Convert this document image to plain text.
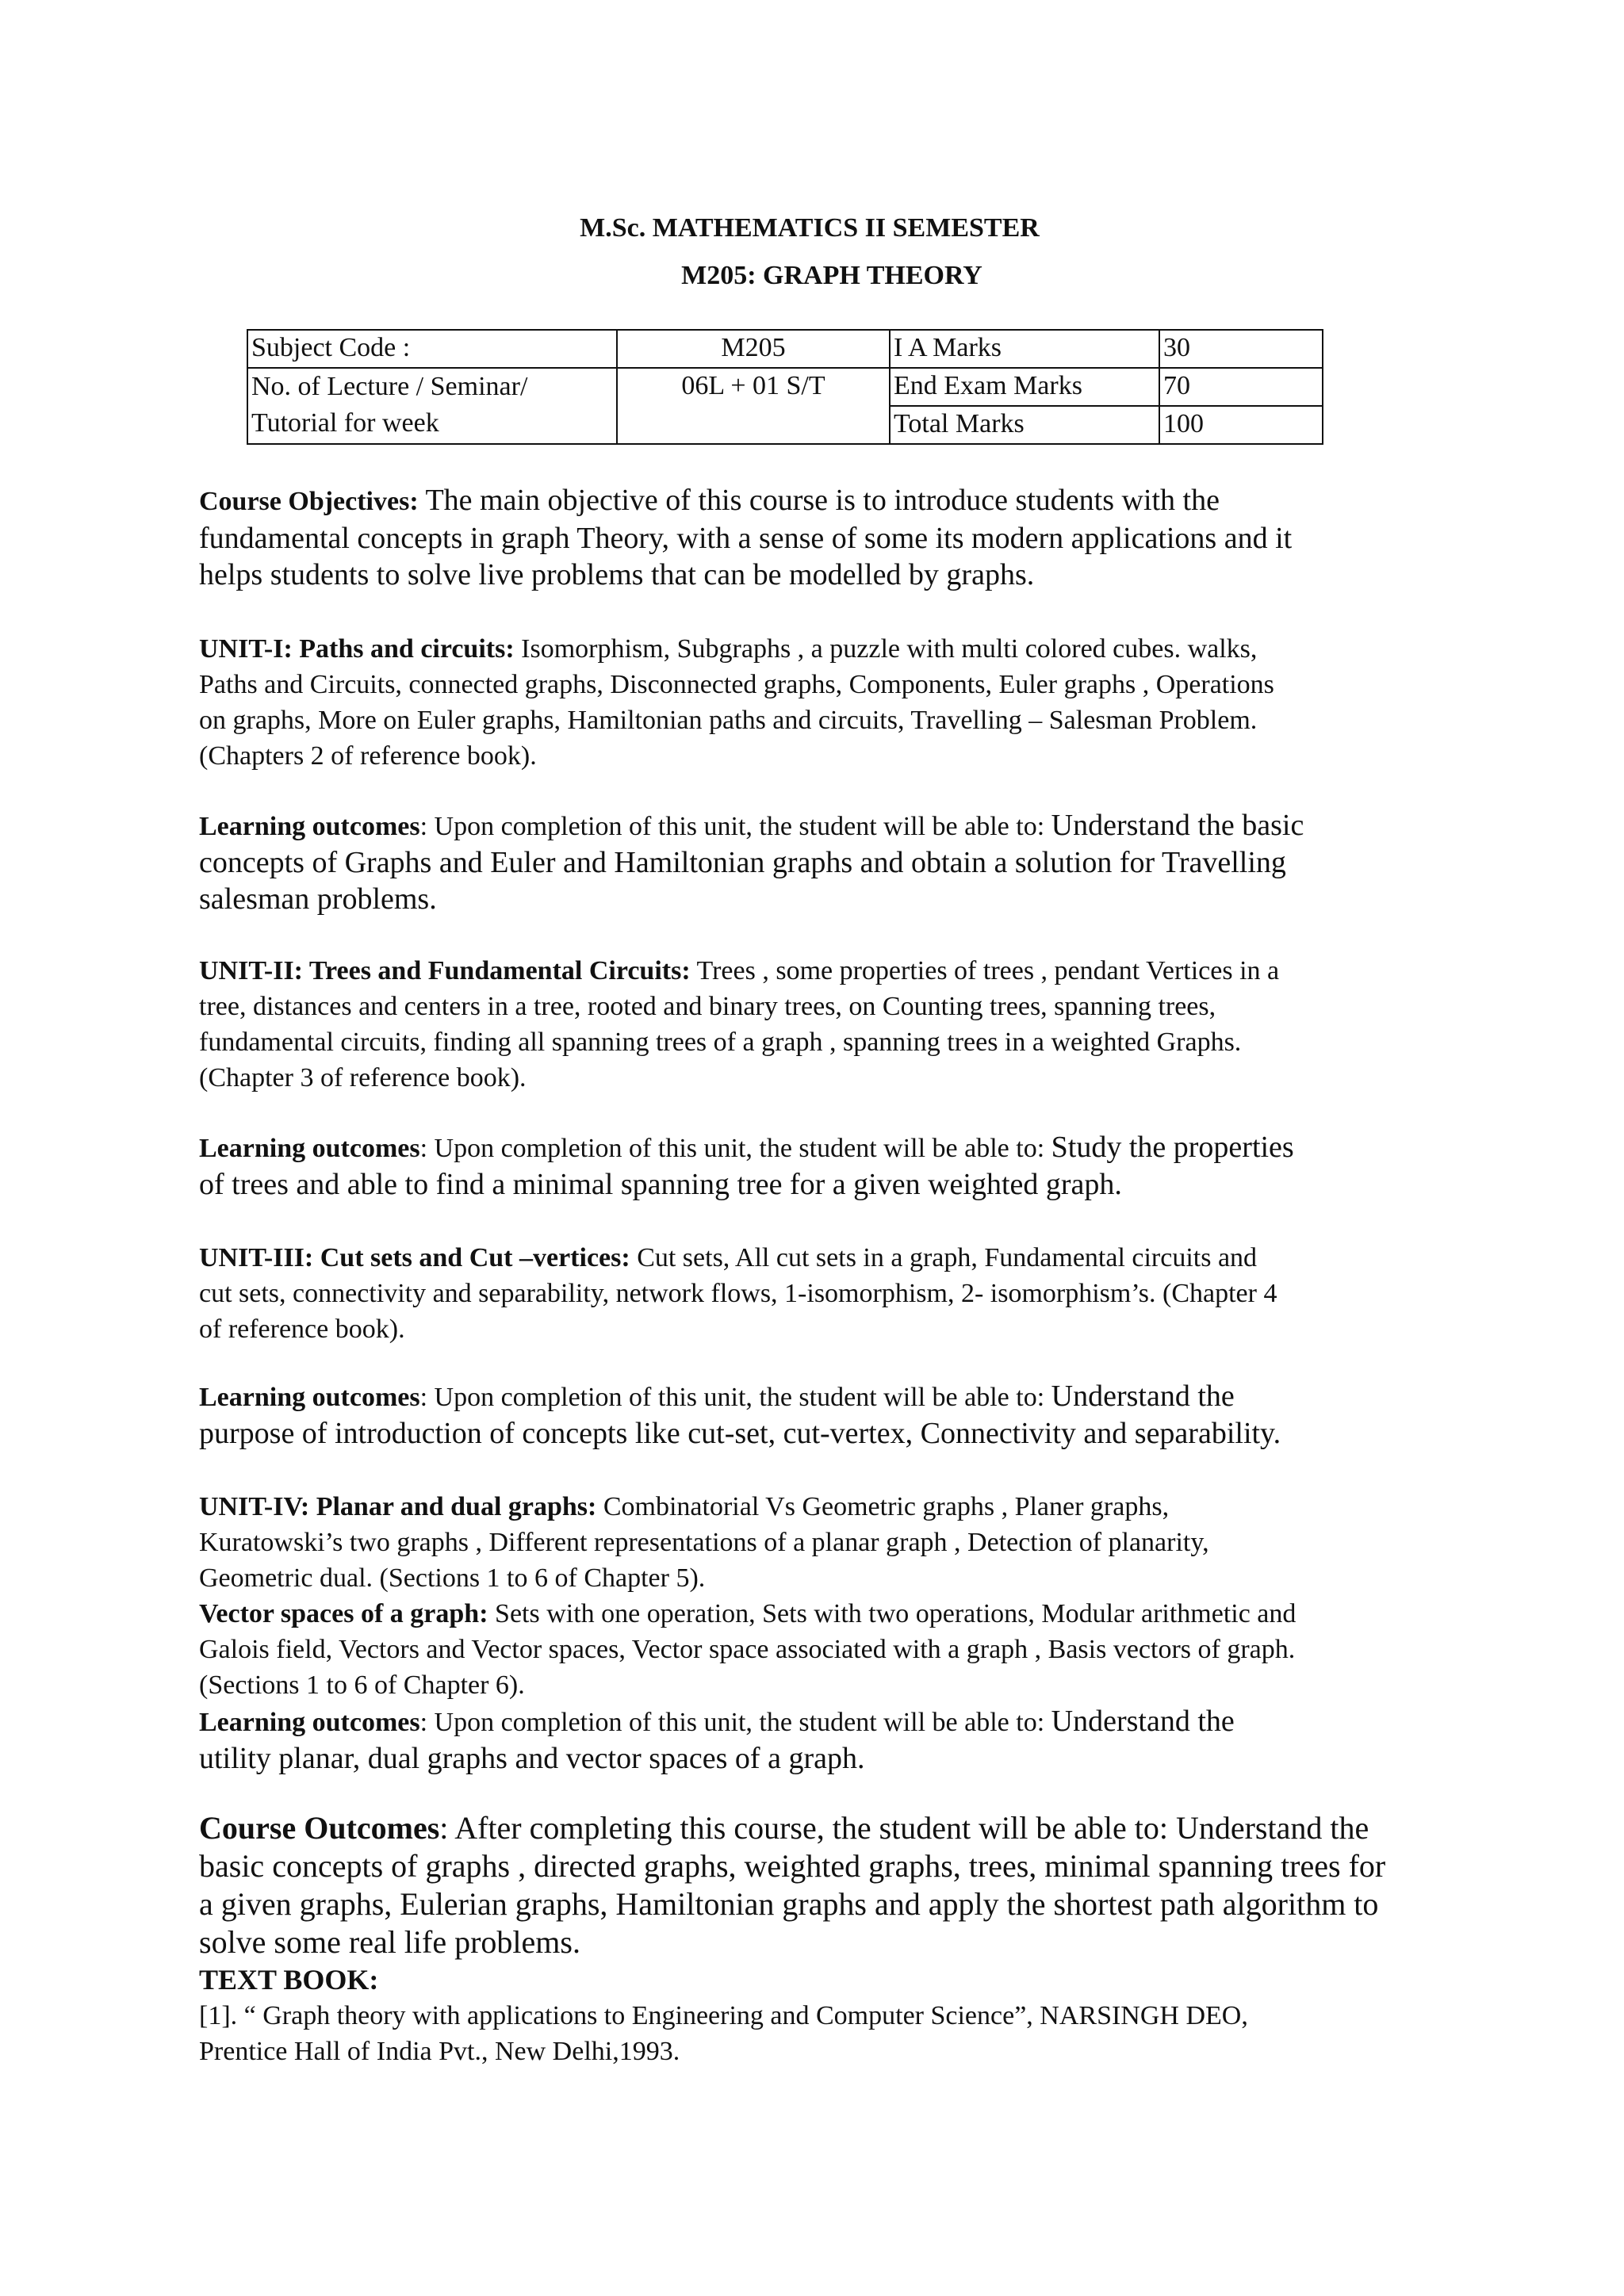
M.Sc. MATHEMATICS II SEMESTER
M205: GRAPH THEORY
Subject Code :	M205	I A Marks	30
No. of Lecture / Seminar/
Tutorial for week	06L + 01 S/T	End Exam Marks	70
		Total Marks	100
Course Objectives: The main objective of this course is to introduce students with the
fundamental concepts in graph Theory, with a sense of some its modern applications and it
helps students to solve live problems that can be modelled by graphs.
UNIT-I: Paths and circuits: Isomorphism, Subgraphs , a puzzle with multi colored cubes. walks,
Paths and Circuits, connected graphs, Disconnected graphs, Components, Euler graphs , Operations
on graphs, More on Euler graphs, Hamiltonian paths and circuits, Travelling – Salesman Problem.
(Chapters 2 of reference book).
Learning outcomes: Upon completion of this unit, the student will be able to: Understand the basic
concepts of Graphs and Euler and Hamiltonian graphs and obtain a solution for Travelling
salesman problems.
UNIT-II: Trees and Fundamental Circuits: Trees , some properties of trees , pendant Vertices in a
tree, distances and centers in a tree, rooted and binary trees, on Counting trees, spanning trees,
fundamental circuits, finding all spanning trees of a graph , spanning trees in a weighted Graphs.
(Chapter 3 of reference book).
Learning outcomes: Upon completion of this unit, the student will be able to: Study the properties
of trees and able to find a minimal spanning tree for a given weighted graph.
UNIT-III: Cut sets and Cut –vertices: Cut sets, All cut sets in a graph, Fundamental circuits and
cut sets, connectivity and separability, network flows, 1-isomorphism, 2- isomorphism’s. (Chapter 4
of reference book).
Learning outcomes: Upon completion of this unit, the student will be able to: Understand the
purpose of introduction of concepts like cut-set, cut-vertex, Connectivity and separability.
UNIT-IV: Planar and dual graphs: Combinatorial Vs Geometric graphs , Planer graphs,
Kuratowski’s two graphs , Different representations of a planar graph , Detection of planarity,
Geometric dual. (Sections 1 to 6 of Chapter 5).
Vector spaces of a graph: Sets with one operation, Sets with two operations, Modular arithmetic and
Galois field, Vectors and Vector spaces, Vector space associated with a graph , Basis vectors of graph.
(Sections 1 to 6 of Chapter 6).
Learning outcomes: Upon completion of this unit, the student will be able to: Understand the
utility planar, dual graphs and vector spaces of a graph.
Course Outcomes: After completing this course, the student will be able to: Understand the
basic concepts of graphs , directed graphs, weighted graphs, trees, minimal spanning trees for
a given graphs, Eulerian graphs, Hamiltonian graphs and apply the shortest path algorithm to
solve some real life problems.
TEXT BOOK:
[1]. “ Graph theory with applications to Engineering and Computer Science”, NARSINGH DEO,
Prentice Hall of India Pvt., New Delhi,1993.
